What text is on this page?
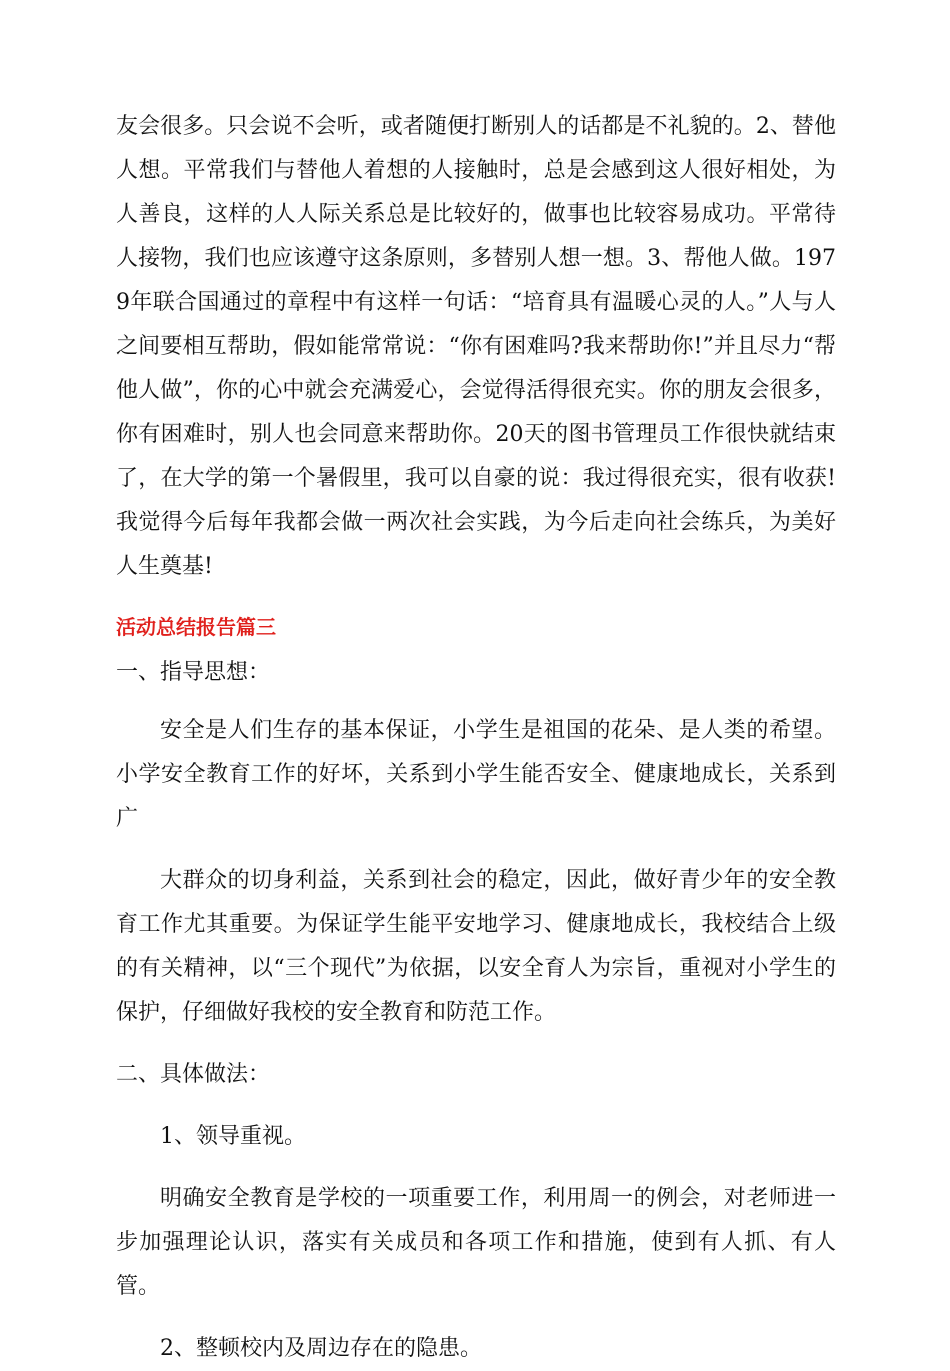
友会很多。只会说不会听，或者随便打断别人的话都是不礼貌的。2、替他人想。平常我们与替他人着想的人接触时，总是会感到这人很好相处，为人善良，这样的人人际关系总是比较好的，做事也比较容易成功。平常待人接物，我们也应该遵守这条原则，多替别人想一想。3、帮他人做。1979年联合国通过的章程中有这样一句话：“培育具有温暖心灵的人。”人与人之间要相互帮助，假如能常常说：“你有困难吗?我来帮助你!”并且尽力“帮他人做”，你的心中就会充满爱心，会觉得活得很充实。你的朋友会很多，你有困难时，别人也会同意来帮助你。20天的图书管理员工作很快就结束了，在大学的第一个暑假里，我可以自豪的说：我过得很充实，很有收获!我觉得今后每年我都会做一两次社会实践，为今后走向社会练兵，为美好人生奠基!

活动总结报告篇三

一、指导思想：

安全是人们生存的基本保证，小学生是祖国的花朵、是人类的希望。小学安全教育工作的好坏，关系到小学生能否安全、健康地成长，关系到广

大群众的切身利益，关系到社会的稳定，因此，做好青少年的安全教育工作尤其重要。为保证学生能平安地学习、健康地成长，我校结合上级的有关精神，以“三个现代”为依据，以安全育人为宗旨，重视对小学生的保护，仔细做好我校的安全教育和防范工作。

二、具体做法：

1、领导重视。

明确安全教育是学校的一项重要工作，利用周一的例会，对老师进一步加强理论认识，落实有关成员和各项工作和措施，使到有人抓、有人管。

2、整顿校内及周边存在的隐患。
